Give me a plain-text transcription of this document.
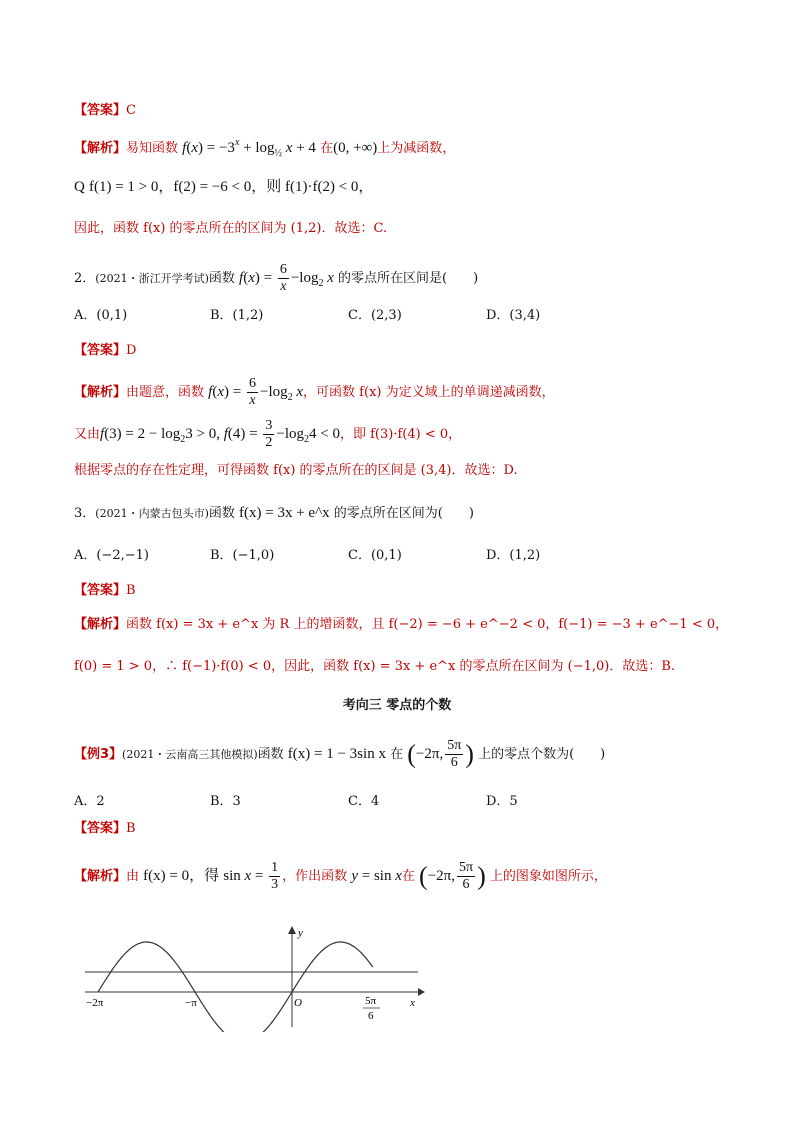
【答案】C
【解析】易知函数 $f(x) = -3^x + \log_{\frac{1}{2}} x + 4$ 在(0, +∞)上为减函数，
Q f(1) = 1 > 0，f(2) = −6 < 0，则 f(1)·f(2) < 0，
因此，函数 f(x) 的零点所在的区间为 (1,2)．故选：C.
2．(2021・浙江开学考试)函数 $f(x) = \frac{6}{x} -\log_2$ x 的零点所在区间是(　　)
A．(0,1)	B．(1,2)	C．(2,3)	D．(3,4)
【答案】D
【解析】由题意，函数 $f(x) = \frac{6}{x} -\log_2$ x，可函数 f(x) 为定义域上的单调递减函数，
又由$f(3) = 2 - \log_23 > 0$, $f(4) = \frac{3}{2} -\log_24 < 0$，即 f(3)·f(4) < 0，
根据零点的存在性定理，可得函数 f(x) 的零点所在的区间是 (3,4)．故选：D.
3．(2021・内蒙古包头市)函数 f(x) = 3x + e^x 的零点所在区间为(　　)
A．(−2,−1)	B．(−1,0)	C．(0,1)	D．(1,2)
【答案】B
【解析】函数 f(x) = 3x + e^x 为 R 上的增函数，且 f(−2) = −6 + e^−2 < 0，f(−1) = −3 + e^−1 < 0，
f(0) = 1 > 0，∴ f(−1)·f(0) < 0，因此，函数 f(x) = 3x + e^x 的零点所在区间为 (−1,0)．故选：B.
考向三 零点的个数
【例3】(2021・云南高三其他模拟)函数 f(x) = 1 − 3sin x 在 (−2π, $\frac{5\pi}{6}$ ) 上的零点个数为(　　)
A．2	B．3	C．4	D．5
【答案】B
【解析】由 f(x) = 0，得 $\sin x = \frac{1}{3}$ ，作出函数 y = sin x在 (−2π, $\frac{5\pi}{6}$ ) 上的图象如图所示，
x
y
O
−2π	−π	5π
6
